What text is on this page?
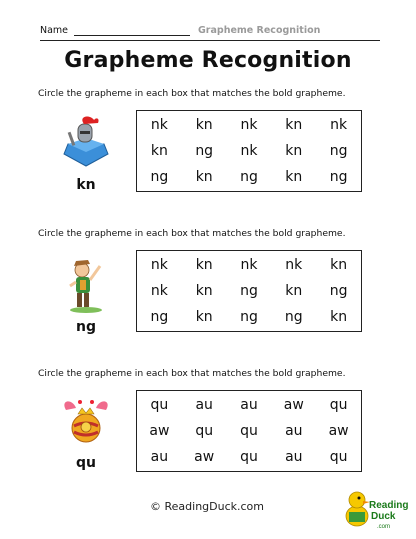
Name	Grapheme Recognition
Grapheme Recognition
Circle the grapheme in each box that matches the bold grapheme.
kn
nk	kn	nk	kn	nk
kn	ng	nk	kn	ng
ng	kn	ng	kn	ng
Circle the grapheme in each box that matches the bold grapheme.
ng
nk	kn	nk	nk	kn
nk	kn	ng	kn	ng
ng	kn	ng	ng	kn
Circle the grapheme in each box that matches the bold grapheme.
qu
qu	au	au	aw	qu
aw	qu	qu	au	aw
au	aw	qu	au	qu
© ReadingDuck.com	Reading
Duck
.com
